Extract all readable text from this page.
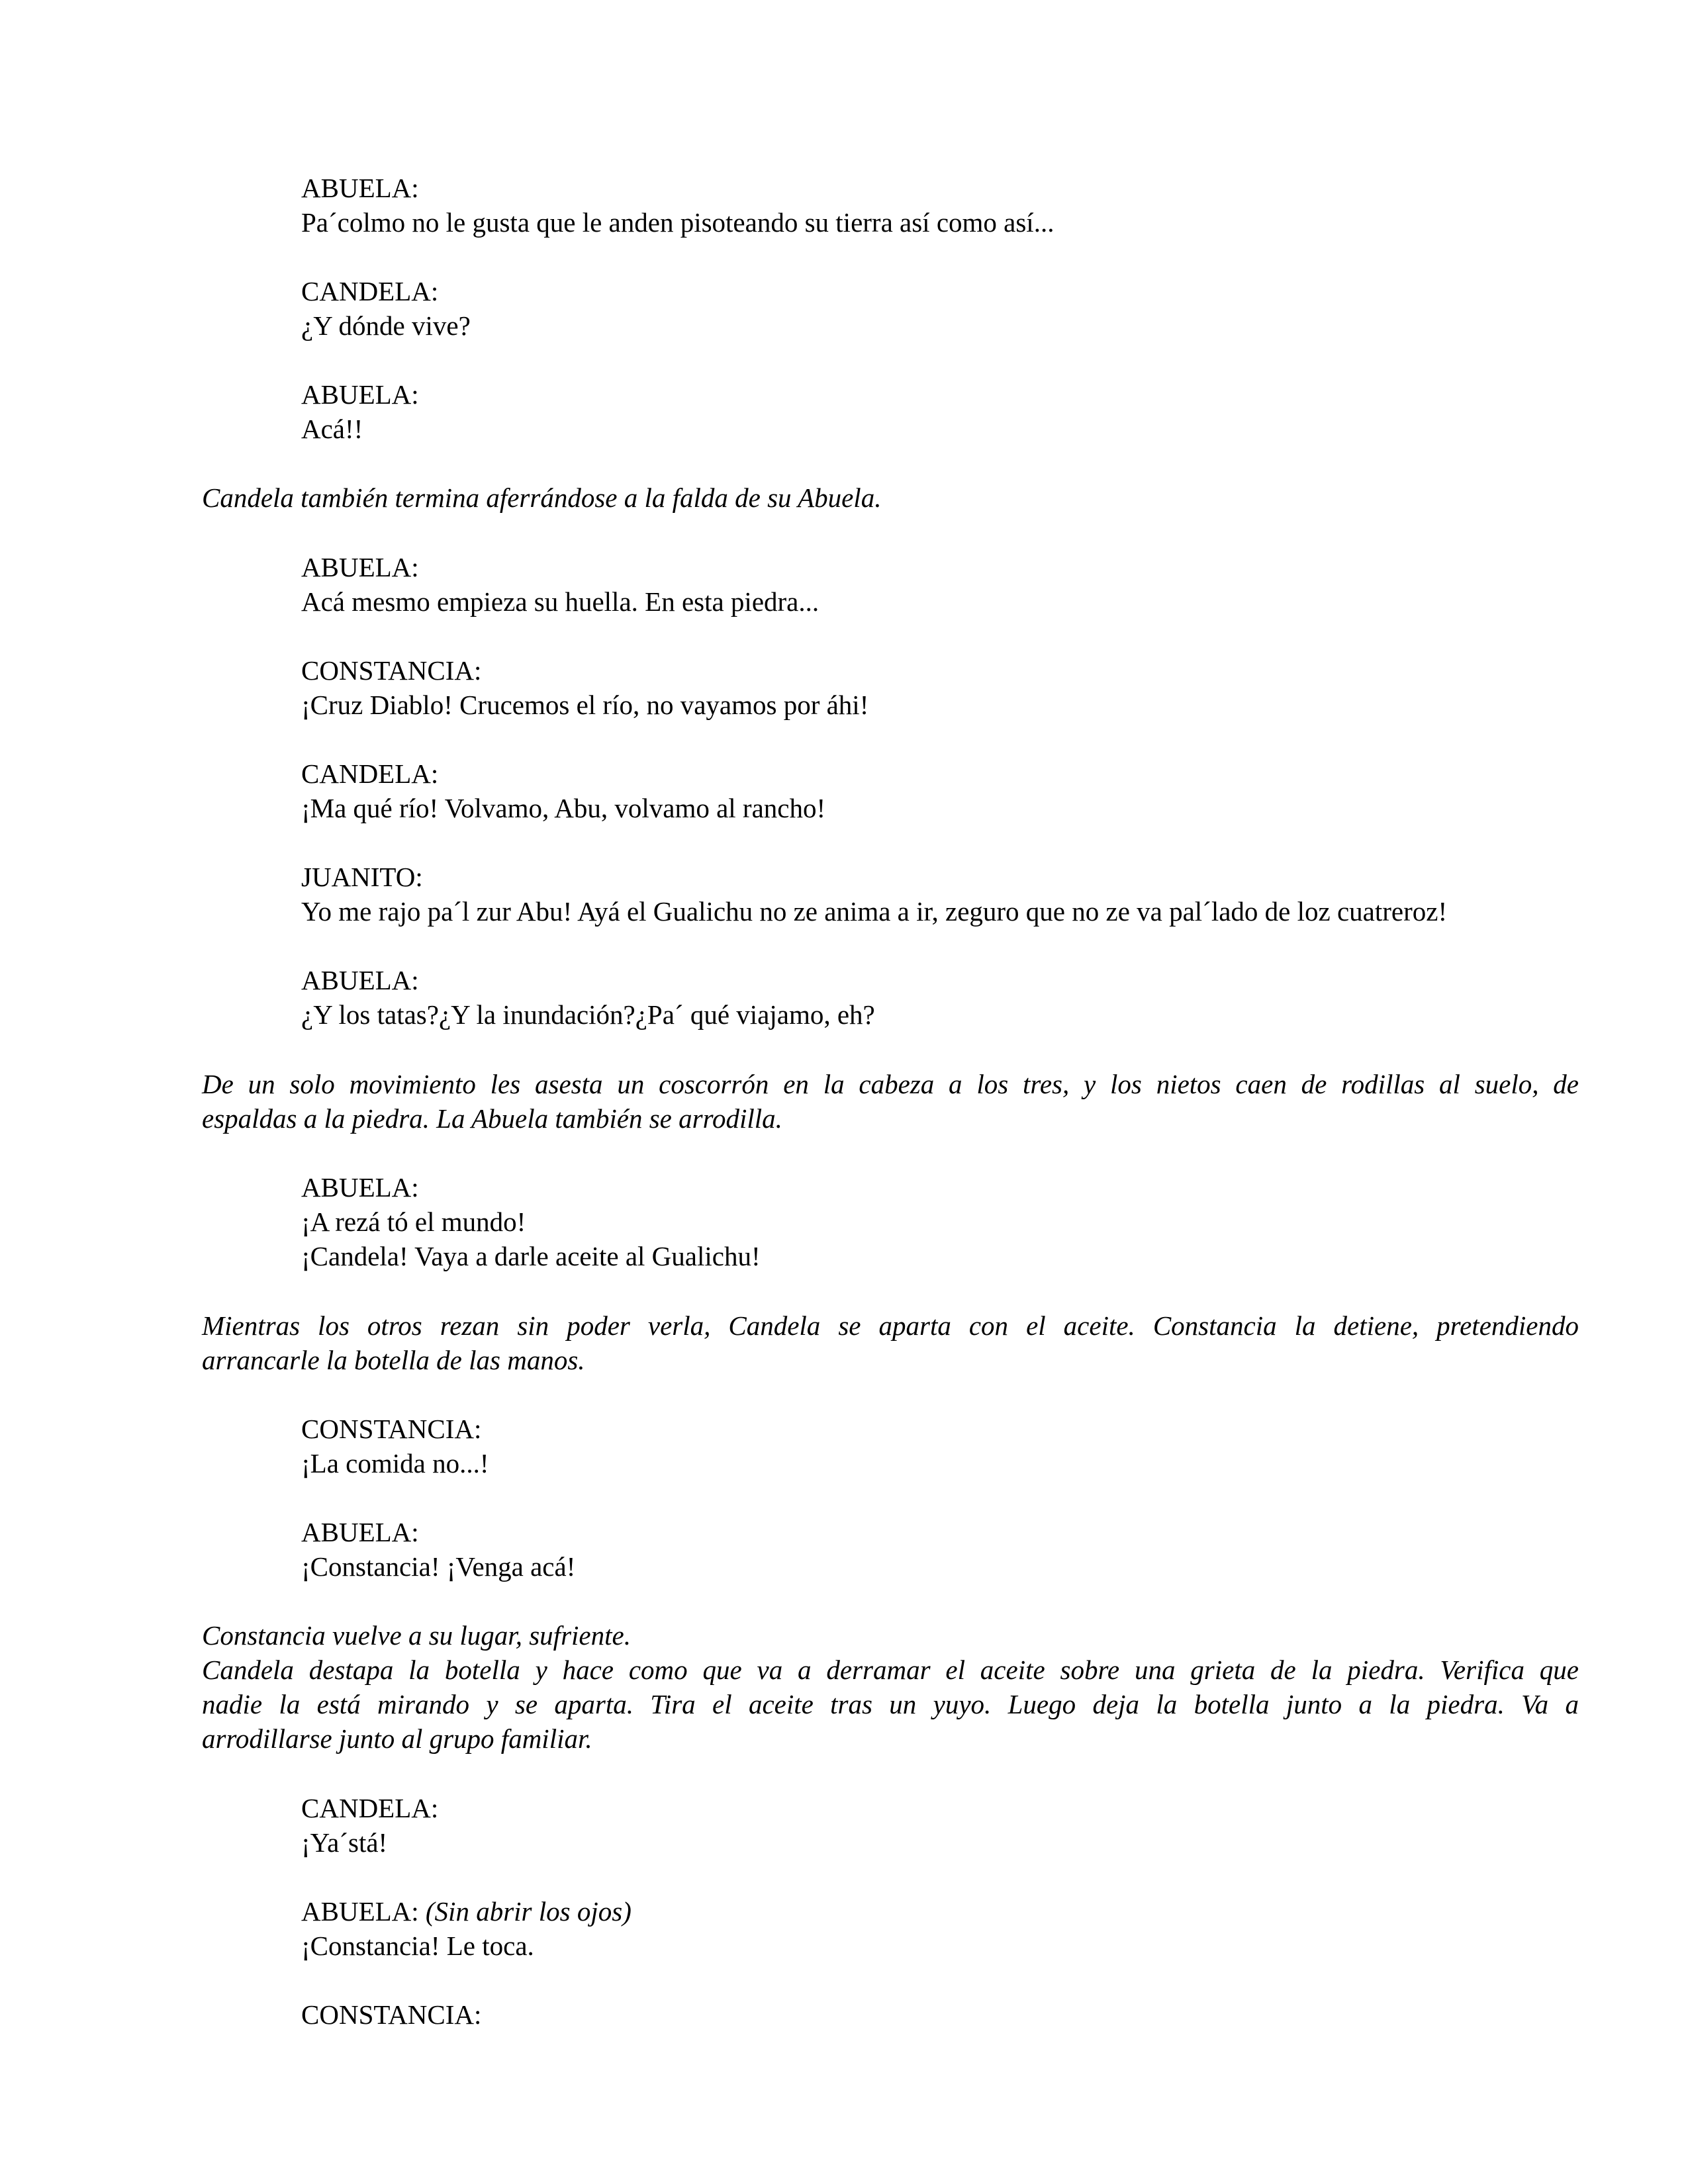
ABUELA:
Pa´colmo no le gusta que le anden pisoteando su tierra así como así...
CANDELA:
¿Y dónde vive?
ABUELA:
Acá!!
Candela también termina aferrándose a la falda de su Abuela.
ABUELA:
Acá mesmo empieza su huella. En esta piedra...
CONSTANCIA:
¡Cruz Diablo! Crucemos el río, no vayamos por áhi!
CANDELA:
¡Ma qué río! Volvamo, Abu, volvamo al rancho!
JUANITO:
Yo me rajo pa´l zur Abu! Ayá el Gualichu no ze anima a ir, zeguro que no ze va pal´lado de loz cuatreroz!
ABUELA:
¿Y los tatas?¿Y la inundación?¿Pa´ qué viajamo, eh?
De un solo movimiento les asesta un coscorrón en la cabeza a los tres, y los nietos caen de rodillas al suelo, de
espaldas a la piedra. La Abuela también se arrodilla.
ABUELA:
¡A rezá tó el mundo!
¡Candela! Vaya a darle aceite al Gualichu!
Mientras los otros rezan sin poder verla, Candela se aparta con el aceite. Constancia la detiene, pretendiendo
arrancarle la botella de las manos.
CONSTANCIA:
¡La comida no...!
ABUELA:
¡Constancia! ¡Venga acá!
Constancia vuelve a su lugar, sufriente.
Candela destapa la botella y hace como que va a derramar el aceite sobre una grieta de la piedra. Verifica que
nadie la está mirando y se aparta. Tira el aceite tras un yuyo. Luego deja la botella junto a la piedra. Va a
arrodillarse junto al grupo familiar.
CANDELA:
¡Ya´stá!
ABUELA: (Sin abrir los ojos)
¡Constancia! Le toca.
CONSTANCIA:
